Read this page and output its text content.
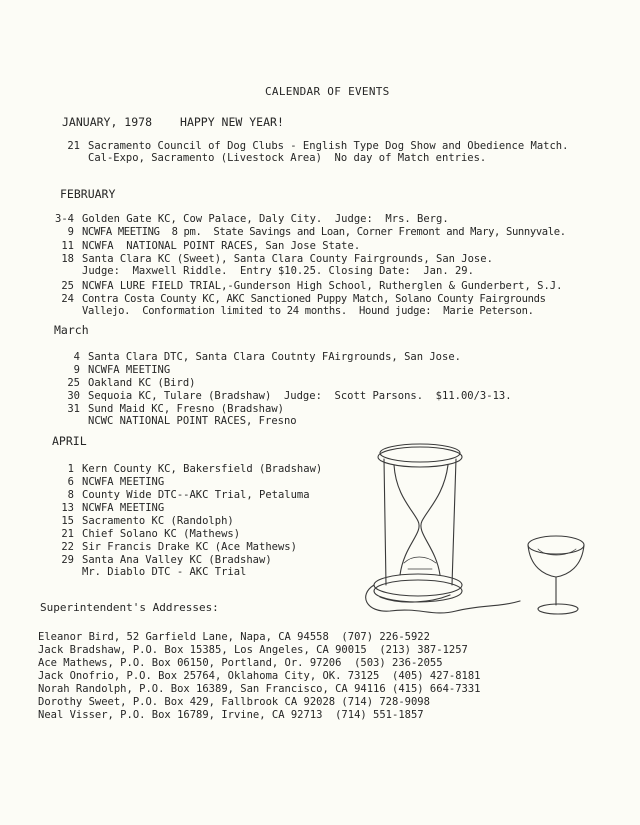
CALENDAR OF EVENTS
JANUARY, 1978 HAPPY NEW YEAR!
21 Sacramento Council of Dog Clubs - English Type Dog Show and Obedience Match.
Cal-Expo, Sacramento (Livestock Area)  No day of Match entries.
FEBRUARY
3-4 Golden Gate KC, Cow Palace, Daly City.  Judge:  Mrs. Berg.
9 NCWFA MEETING  8 pm.  State Savings and Loan, Corner Fremont and Mary, Sunnyvale.
11 NCWFA  NATIONAL POINT RACES, San Jose State.
18 Santa Clara KC (Sweet), Santa Clara County Fairgrounds, San Jose.
Judge:  Maxwell Riddle.  Entry $10.25. Closing Date:  Jan. 29.
25 NCWFA LURE FIELD TRIAL,-Gunderson High School, Rutherglen & Gunderbert, S.J.
24 Contra Costa County KC, AKC Sanctioned Puppy Match, Solano County Fairgrounds
Vallejo.  Conformation limited to 24 months.  Hound judge:  Marie Peterson.
March
4 Santa Clara DTC, Santa Clara Coutnty FAirgrounds, San Jose.
9 NCWFA MEETING
25 Oakland KC (Bird)
30 Sequoia KC, Tulare (Bradshaw)  Judge:  Scott Parsons.  $11.00/3-13.
31 Sund Maid KC, Fresno (Bradshaw)
NCWC NATIONAL POINT RACES, Fresno
APRIL
1 Kern County KC, Bakersfield (Bradshaw)
6 NCWFA MEETING
8 County Wide DTC--AKC Trial, Petaluma
13 NCWFA MEETING
15 Sacramento KC (Randolph)
21 Chief Solano KC (Mathews)
22 Sir Francis Drake KC (Ace Mathews)
29 Santa Ana Valley KC (Bradshaw)
Mr. Diablo DTC - AKC Trial
Superintendent's Addresses:
Eleanor Bird, 52 Garfield Lane, Napa, CA 94558  (707) 226-5922
Jack Bradshaw, P.O. Box 15385, Los Angeles, CA 90015  (213) 387-1257
Ace Mathews, P.O. Box 06150, Portland, Or. 97206  (503) 236-2055
Jack Onofrio, P.O. Box 25764, Oklahoma City, OK. 73125  (405) 427-8181
Norah Randolph, P.O. Box 16389, San Francisco, CA 94116 (415) 664-7331
Dorothy Sweet, P.O. Box 429, Fallbrook CA 92028 (714) 728-9098
Neal Visser, P.O. Box 16789, Irvine, CA 92713  (714) 551-1857
